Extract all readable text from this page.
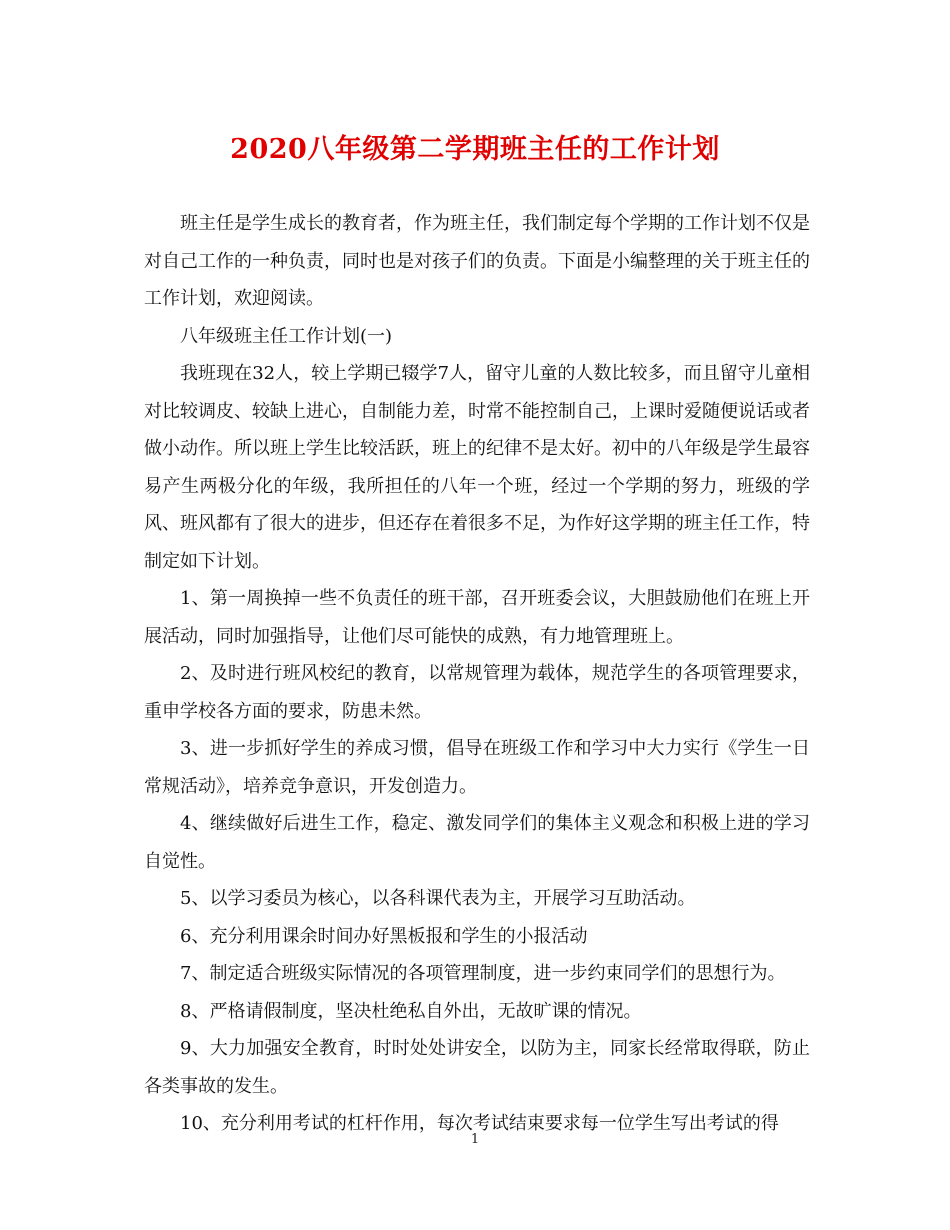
2020八年级第二学期班主任的工作计划

班主任是学生成长的教育者，作为班主任，我们制定每个学期的工作计划不仅是对自己工作的一种负责，同时也是对孩子们的负责。下面是小编整理的关于班主任的工作计划，欢迎阅读。

八年级班主任工作计划(一)

我班现在32人，较上学期已辍学7人，留守儿童的人数比较多，而且留守儿童相对比较调皮、较缺上进心，自制能力差，时常不能控制自己，上课时爱随便说话或者做小动作。所以班上学生比较活跃，班上的纪律不是太好。初中的八年级是学生最容易产生两极分化的年级，我所担任的八年一个班，经过一个学期的努力，班级的学风、班风都有了很大的进步，但还存在着很多不足，为作好这学期的班主任工作，特制定如下计划。

1、第一周换掉一些不负责任的班干部，召开班委会议，大胆鼓励他们在班上开展活动，同时加强指导，让他们尽可能快的成熟，有力地管理班上。

2、及时进行班风校纪的教育，以常规管理为载体，规范学生的各项管理要求，重申学校各方面的要求，防患未然。

3、进一步抓好学生的养成习惯，倡导在班级工作和学习中大力实行《学生一日常规活动》，培养竞争意识，开发创造力。

4、继续做好后进生工作，稳定、激发同学们的集体主义观念和积极上进的学习自觉性。

5、以学习委员为核心，以各科课代表为主，开展学习互助活动。

6、充分利用课余时间办好黑板报和学生的小报活动

7、制定适合班级实际情况的各项管理制度，进一步约束同学们的思想行为。

8、严格请假制度，坚决杜绝私自外出，无故旷课的情况。

9、大力加强安全教育，时时处处讲安全，以防为主，同家长经常取得联，防止各类事故的发生。

10、充分利用考试的杠杆作用，每次考试结束要求每一位学生写出考试的得

1
